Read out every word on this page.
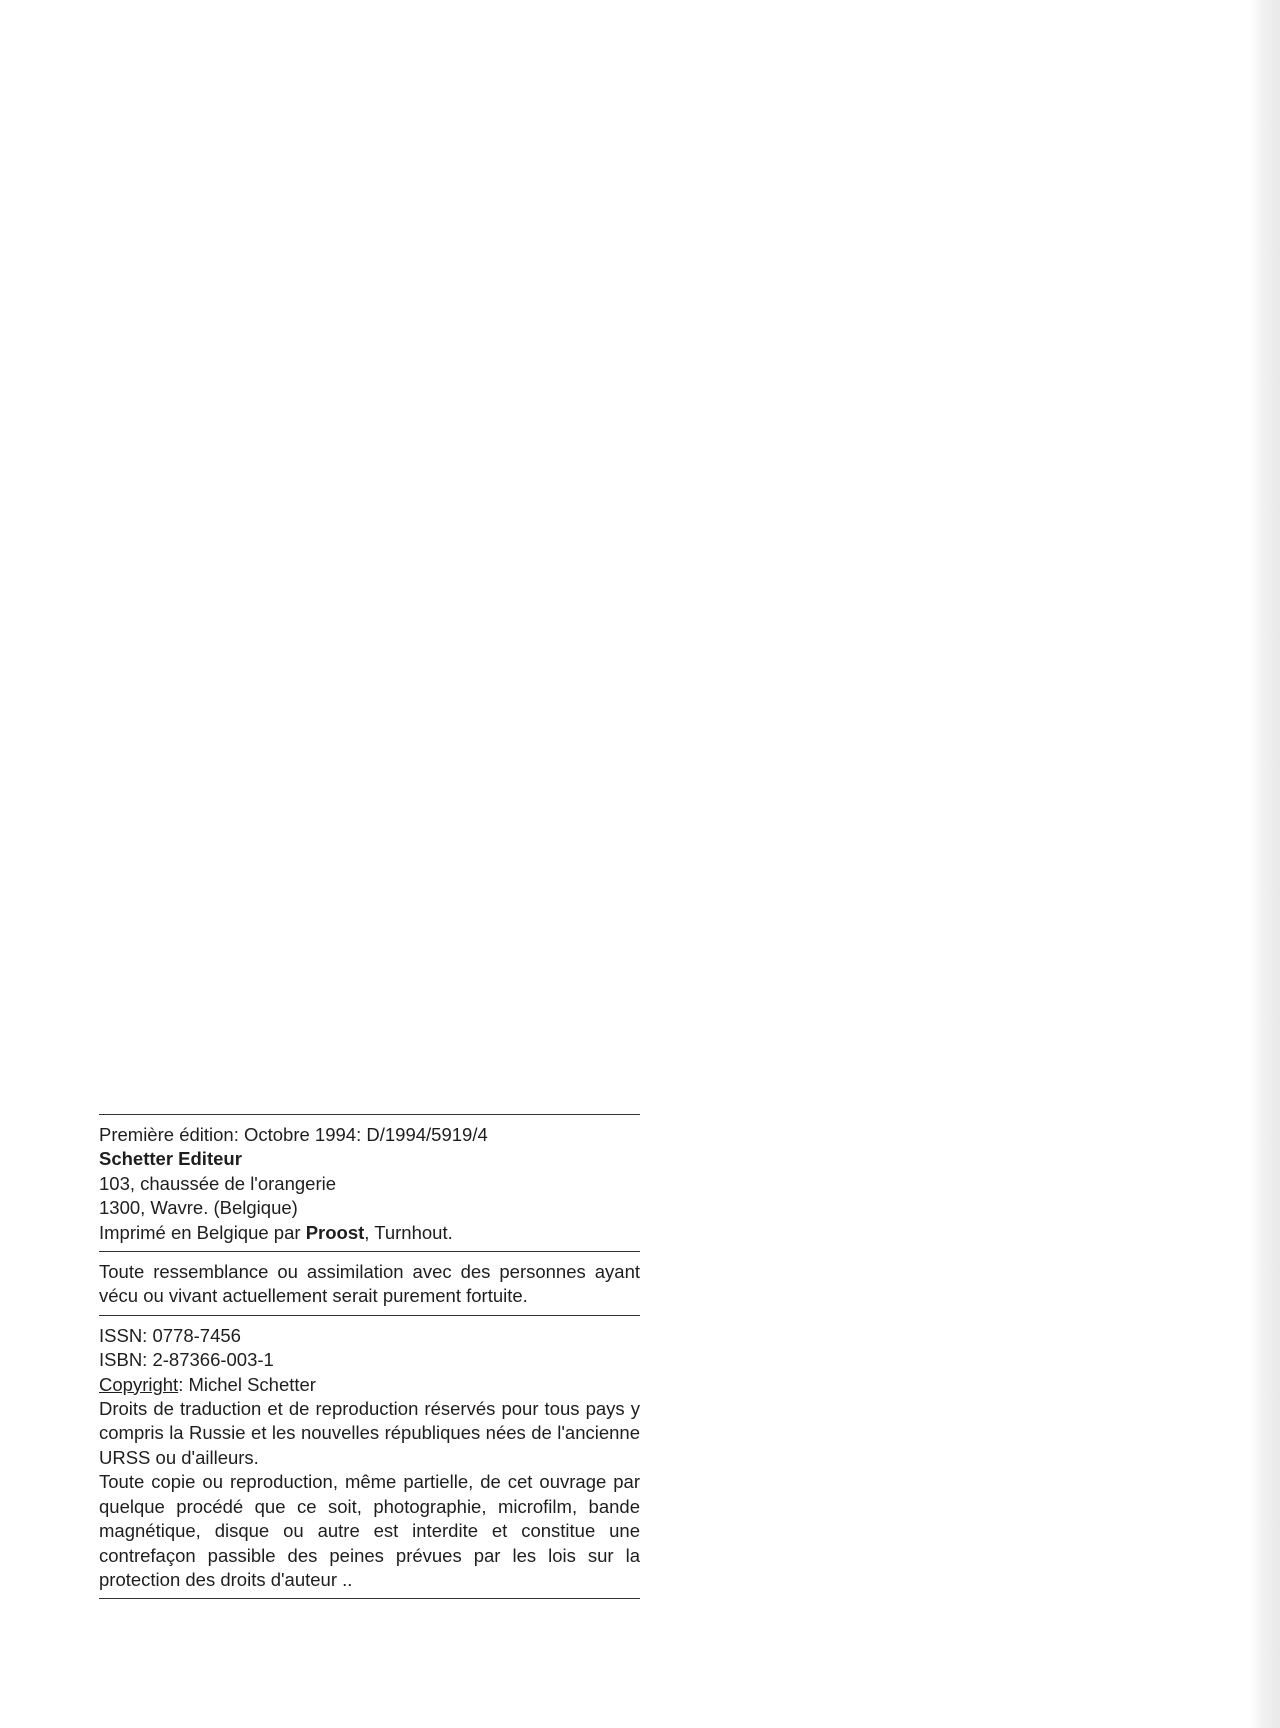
Première édition: Octobre 1994: D/1994/5919/4
Schetter Editeur
103, chaussée de l'orangerie
1300, Wavre. (Belgique)
Imprimé en Belgique par Proost, Turnhout.
Toute ressemblance ou assimilation avec des personnes ayant vécu ou vivant actuellement serait purement fortuite.
ISSN: 0778-7456
ISBN: 2-87366-003-1
Copyright: Michel Schetter
Droits de traduction et de reproduction réservés pour tous pays y compris la Russie et les nouvelles républiques nées de l'ancienne URSS ou d'ailleurs.
Toute copie ou reproduction, même partielle, de cet ouvrage par quelque procédé que ce soit, photographie, microfilm, bande magnétique, disque ou autre est interdite et constitue une contrefaçon passible des peines prévues par les lois sur la protection des droits d'auteur ..
